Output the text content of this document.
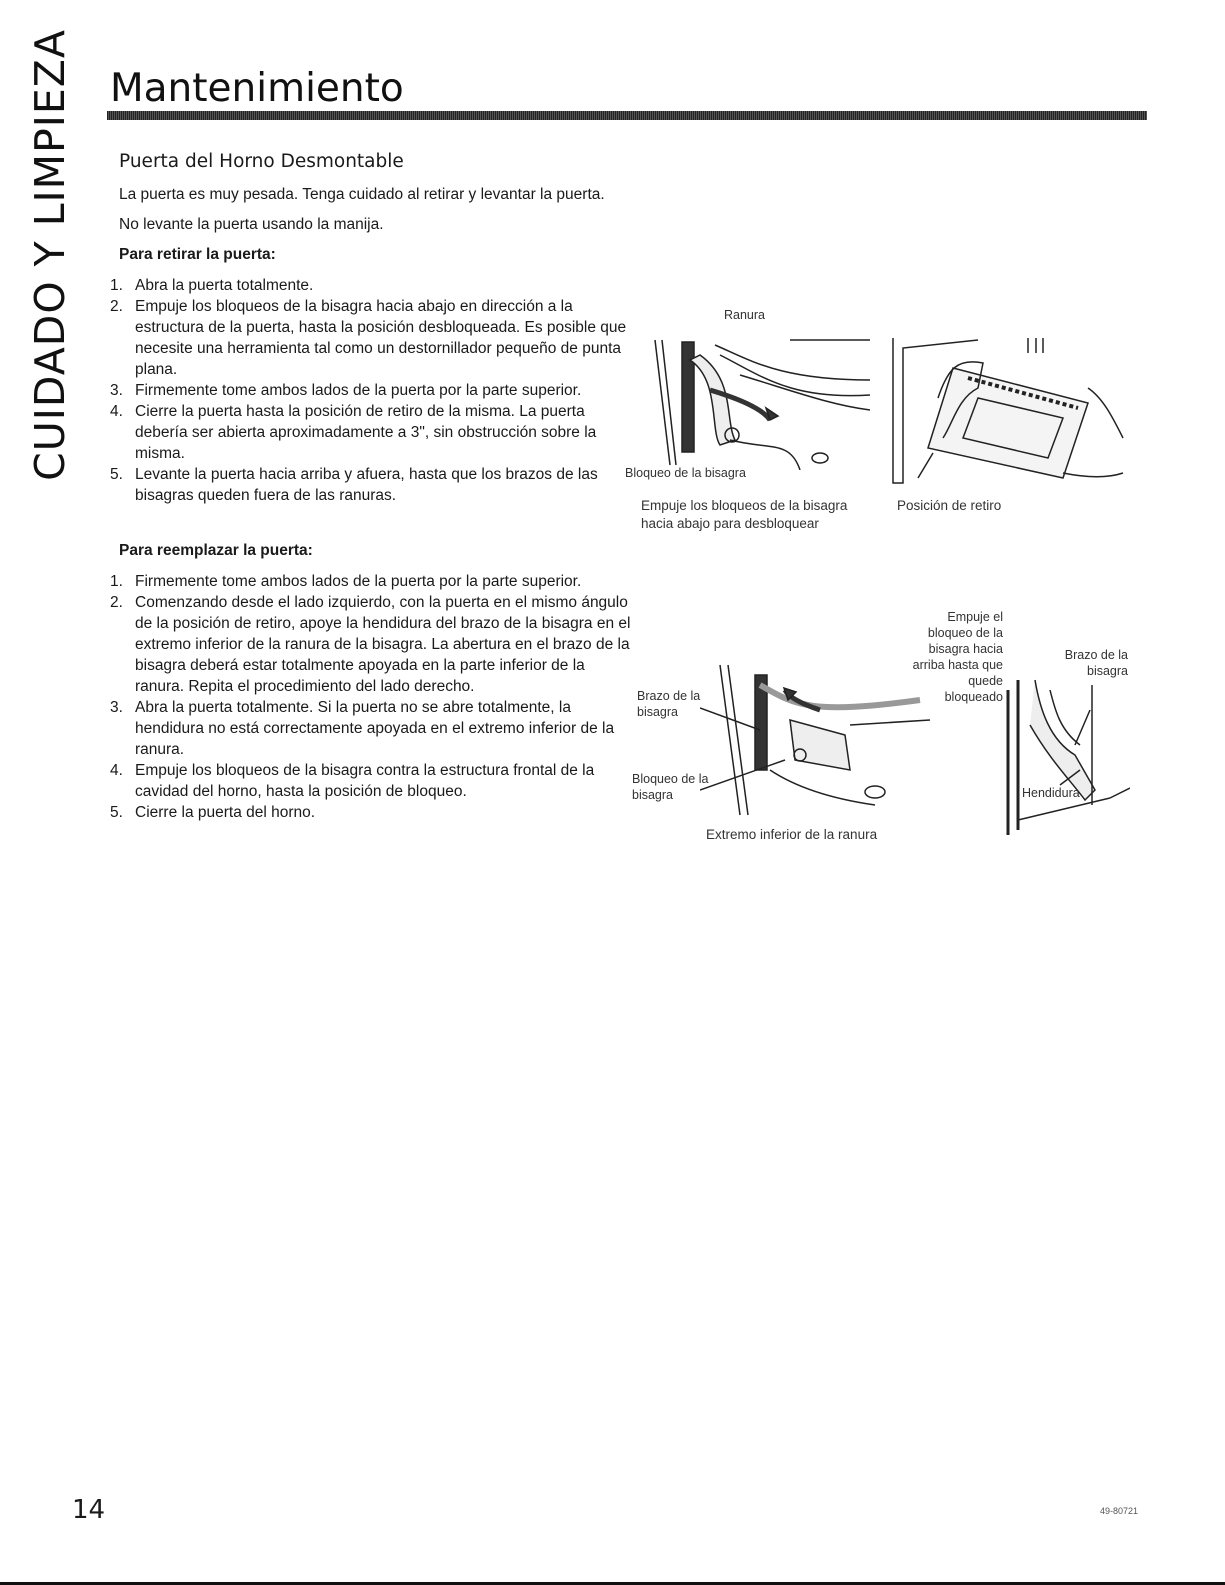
CUIDADO Y LIMPIEZA Mantenimiento
Puerta del Horno Desmontable

La puerta es muy pesada. Tenga cuidado al retirar y levantar la puerta.

No levante la puerta usando la manija.

Para retirar la puerta:

1. Abra la puerta totalmente.
2. Empuje los bloqueos de la bisagra hacia abajo en dirección a la estructura de la puerta, hasta la posición desbloqueada. Es posible que necesite una herramienta tal como un destornillador pequeño de punta plana.
3. Firmemente tome ambos lados de la puerta por la parte superior.
4. Cierre la puerta hasta la posición de retiro de la misma. La puerta debería ser abierta aproximadamente a 3", sin obstrucción sobre la misma.
5. Levante la puerta hacia arriba y afuera, hasta que los brazos de las bisagras queden fuera de las ranuras.

Para reemplazar la puerta:

1. Firmemente tome ambos lados de la puerta por la parte superior.
2. Comenzando desde el lado izquierdo, con la puerta en el mismo ángulo de la posición de retiro, apoye la hendidura del brazo de la bisagra en el extremo inferior de la ranura de la bisagra. La abertura en el brazo de la bisagra deberá estar totalmente apoyada en la parte inferior de la ranura. Repita el procedimiento del lado derecho.
3. Abra la puerta totalmente. Si la puerta no se abre totalmente, la hendidura no está correctamente apoyada en el extremo inferior de la ranura.
4. Empuje los bloqueos de la bisagra contra la estructura frontal de la cavidad del horno, hasta la posición de bloqueo.
5. Cierre la puerta del horno.
Ranura
Bloqueo de la bisagra
Empuje los bloqueos de la bisagra hacia abajo para desbloquear
Posición de retiro
Brazo de la bisagra
Bloqueo de la bisagra
Extremo inferior de la ranura
Empuje el bloqueo de la bisagra hacia arriba hasta que quede bloqueado
Brazo de la bisagra
Hendidura
14	49-80721
